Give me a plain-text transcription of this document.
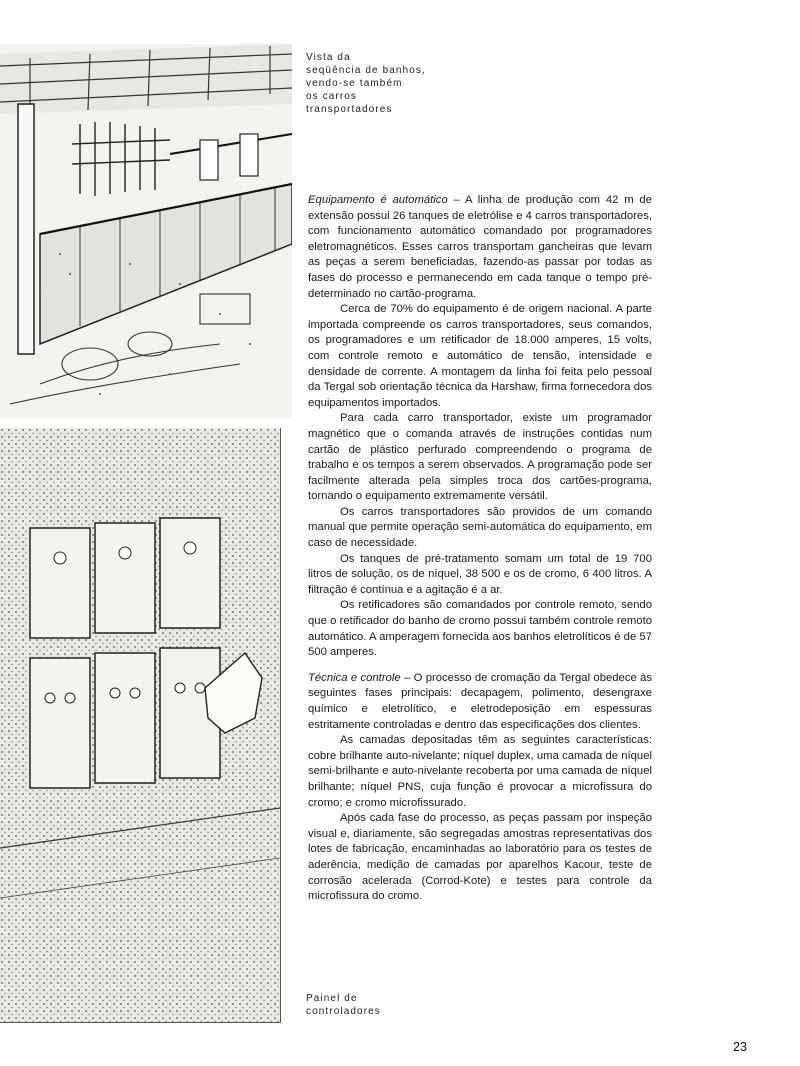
Vista da
seqüência de banhos,
vendo-se também
os carros
transportadores
Painel de
controladores

Equipamento é automático – A linha de produção com 42 m de extensão possui 26 tanques de eletrólise e 4 carros transportadores, com funcionamento automático comandado por programadores eletromagnéticos. Esses carros transportam gancheiras que levam as peças a serem beneficiadas, fazendo-as passar por todas as fases do processo e permanecendo em cada tanque o tempo pré-determinado no cartão-programa.

Cerca de 70% do equipamento é de origem nacional. A parte importada compreende os carros transportadores, seus comandos, os programadores e um retificador de 18.000 amperes, 15 volts, com controle remoto e automático de tensão, intensidade e densidade de corrente. A montagem da linha foi feita pelo pessoal da Tergal sob orientação técnica da Harshaw, firma fornecedora dos equipamentos importados.

Para cada carro transportador, existe um programador magnético que o comanda através de instruções contidas num cartão de plástico perfurado compreendendo o programa de trabalho e os tempos a serem observados. A programação pode ser facilmente alterada pela simples troca dos cartões-programa, tornando o equipamento extremamente versátil.

Os carros transportadores são providos de um comando manual que permite operação semi-automática do equipamento, em caso de necessidade.

Os tanques de pré-tratamento somam um total de 19 700 litros de solução, os de níquel, 38 500 e os de cromo, 6 400 litros. A filtração é contínua e a agitação é a ar.

Os retificadores são comandados por controle remoto, sendo que o retificador do banho de cromo possui também controle remoto automático. A amperagem fornecida aos banhos eletrolíticos é de 57 500 amperes.

Técnica e controle – O processo de cromação da Tergal obedece às seguintes fases principais: decapagem, polimento, desengraxe químico e eletrolítico, e eletrodeposição em espessuras estritamente controladas e dentro das especificações dos clientes.

As camadas depositadas têm as seguintes características: cobre brilhante auto-nivelante; níquel duplex, uma camada de níquel semi-brilhante e auto-nivelante recoberta por uma camada de níquel brilhante; níquel PNS, cuja função é provocar a microfissura do cromo; e cromo microfissurado.

Após cada fase do processo, as peças passam por inspeção visual e, diariamente, são segregadas amostras representativas dos lotes de fabricação, encaminhadas ao laboratório para os testes de aderência, medição de camadas por aparelhos Kacour, teste de corrosão acelerada (Corrod-Kote) e testes para controle da microfissura do cromo.

23
